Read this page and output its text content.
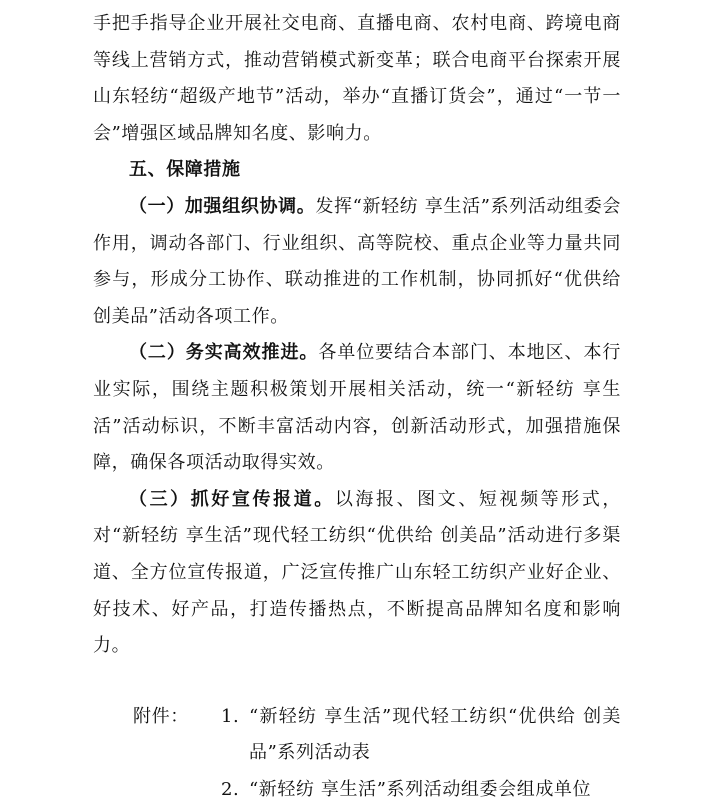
手把手指导企业开展社交电商、直播电商、农村电商、跨境电商等线上营销方式，推动营销模式新变革；联合电商平台探索开展山东轻纺“超级产地节”活动，举办“直播订货会”，通过“一节一会”增强区域品牌知名度、影响力。

五、保障措施

（一）加强组织协调。发挥“新轻纺 享生活”系列活动组委会作用，调动各部门、行业组织、高等院校、重点企业等力量共同参与，形成分工协作、联动推进的工作机制，协同抓好“优供给 创美品”活动各项工作。

（二）务实高效推进。各单位要结合本部门、本地区、本行业实际，围绕主题积极策划开展相关活动，统一“新轻纺 享生活”活动标识，不断丰富活动内容，创新活动形式，加强措施保障，确保各项活动取得实效。

（三）抓好宣传报道。以海报、图文、短视频等形式，对“新轻纺 享生活”现代轻工纺织“优供给 创美品”活动进行多渠道、全方位宣传报道，广泛宣传推广山东轻工纺织产业好企业、好技术、好产品，打造传播热点，不断提高品牌知名度和影响力。

附件：	1. “新轻纺 享生活”现代轻工纺织“优供给 创美品”系列活动表
2. “新轻纺 享生活”系列活动组委会组成单位
